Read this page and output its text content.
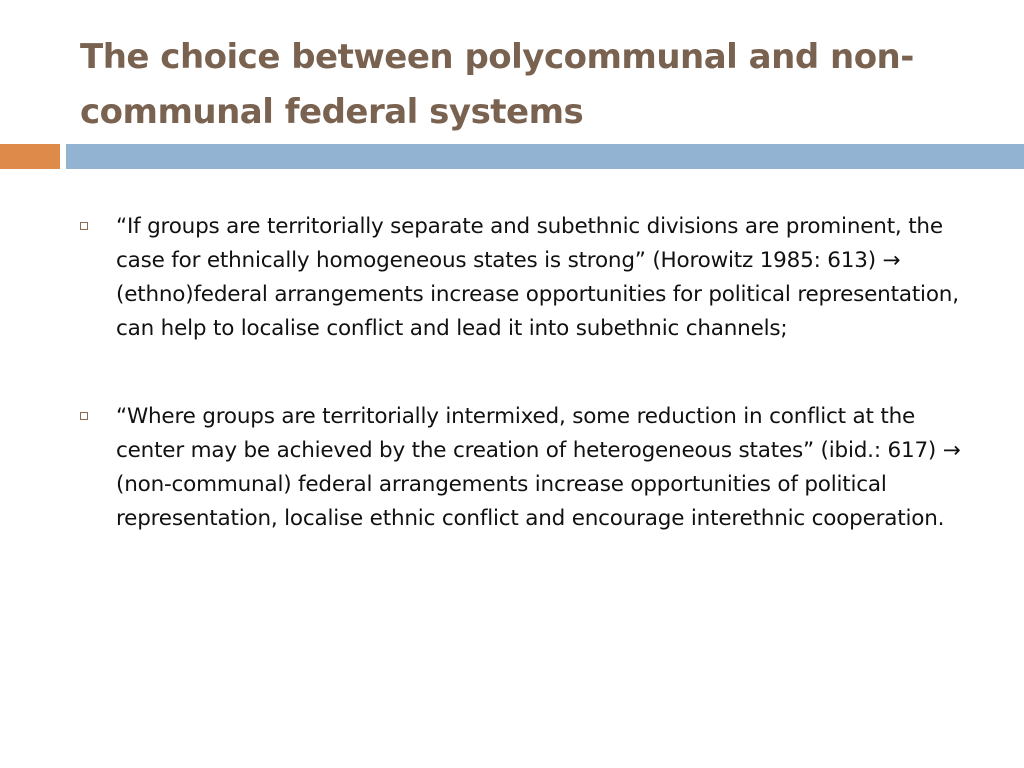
The choice between polycommunal and non-communal federal systems
“If groups are territorially separate and subethnic divisions are prominent, the case for ethnically homogeneous states is strong” (Horowitz 1985: 613) → (ethno)federal arrangements increase opportunities for political representation, can help to localise conflict and lead it into subethnic channels;
“Where groups are territorially intermixed, some reduction in conflict at the center may be achieved by the creation of heterogeneous states” (ibid.: 617) → (non-communal) federal arrangements increase opportunities of political representation, localise ethnic conflict and encourage interethnic cooperation.
